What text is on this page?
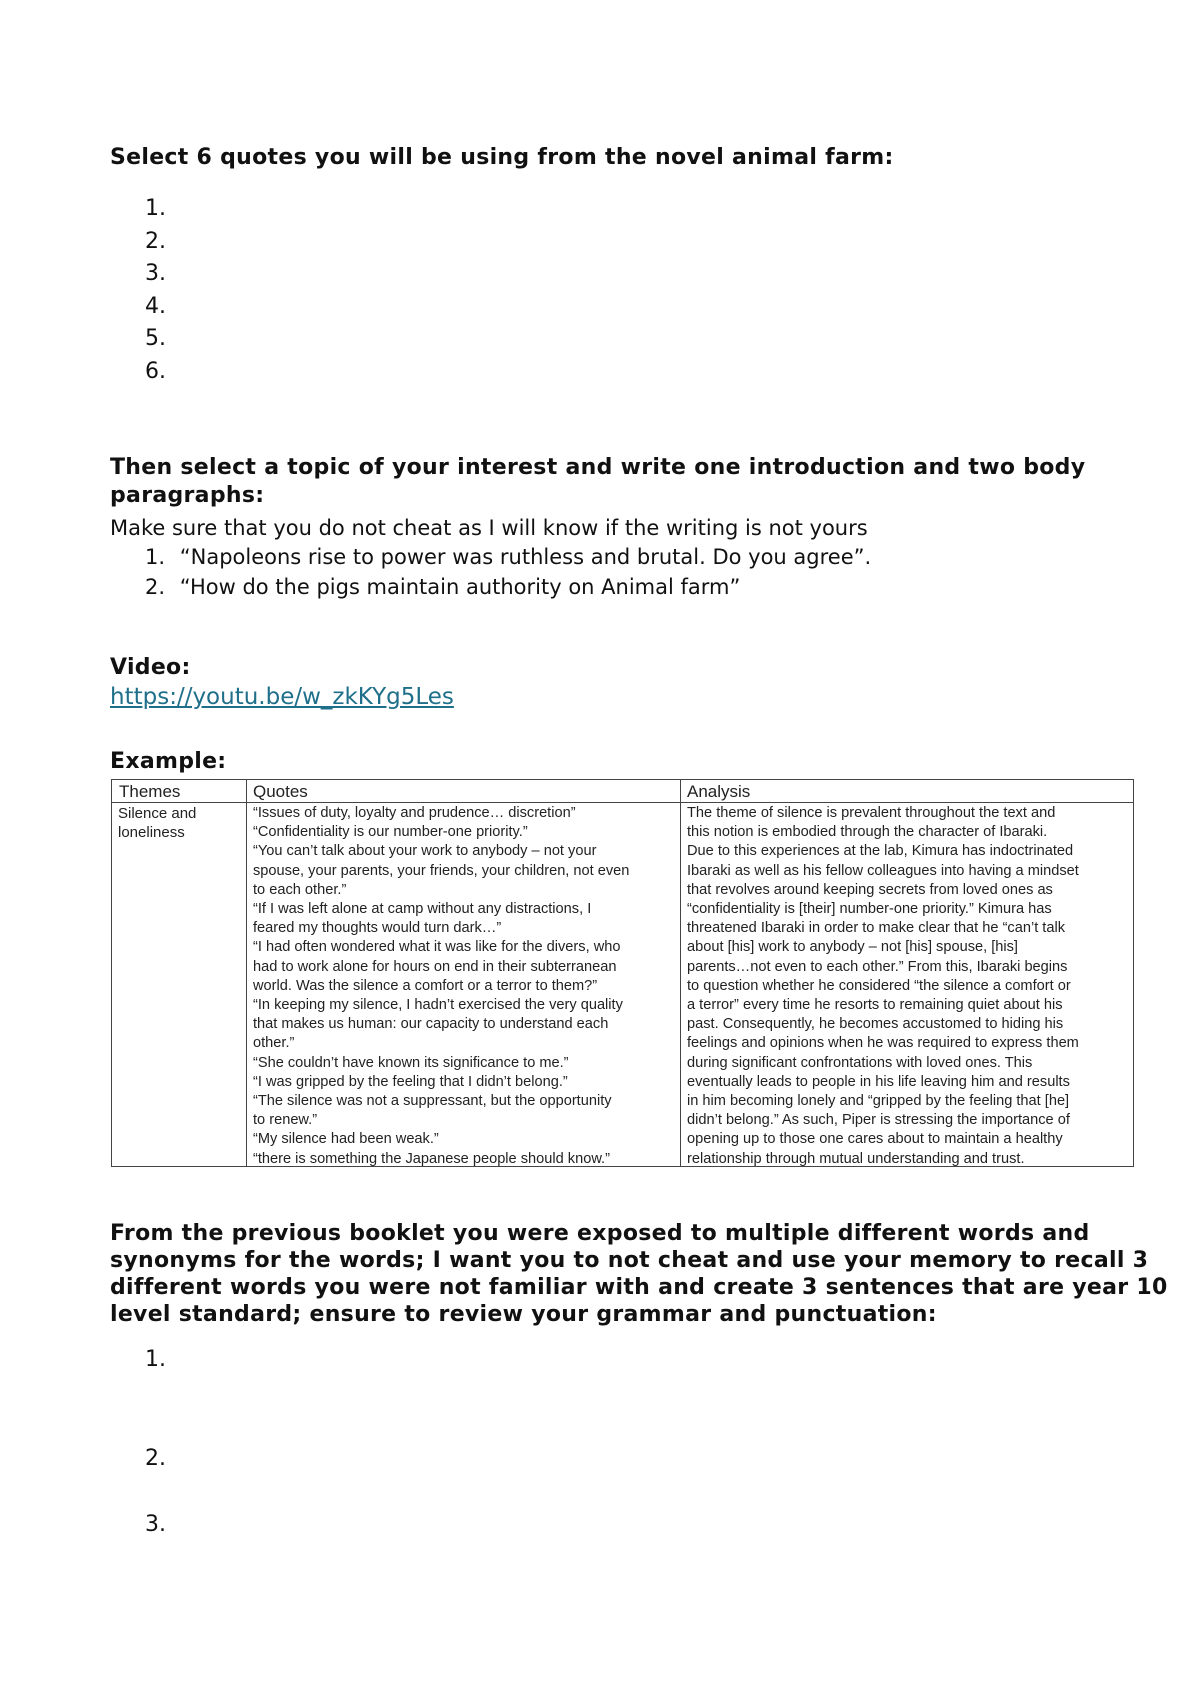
Select 6 quotes you will be using from the novel animal farm:

1.
2.
3.
4.
5.
6.

Then select a topic of your interest and write one introduction and two body
paragraphs:

Make sure that you do not cheat as I will know if the writing is not yours

1. “Napoleons rise to power was ruthless and brutal. Do you agree”.
2. “How do the pigs maintain authority on Animal farm”

Video:

https://youtu.be/w_zkKYg5Les

Example:

Themes	Quotes	Analysis
Silence and
loneliness
“Issues of duty, loyalty and prudence… discretion”
“Confidentiality is our number-one priority.”
“You can’t talk about your work to anybody – not your
spouse, your parents, your friends, your children, not even
to each other.”
“If I was left alone at camp without any distractions, I
feared my thoughts would turn dark…”
“I had often wondered what it was like for the divers, who
had to work alone for hours on end in their subterranean
world. Was the silence a comfort or a terror to them?”
“In keeping my silence, I hadn’t exercised the very quality
that makes us human: our capacity to understand each
other.”
“She couldn’t have known its significance to me.”
“I was gripped by the feeling that I didn’t belong.”
“The silence was not a suppressant, but the opportunity
to renew.”
“My silence had been weak.”
“there is something the Japanese people should know.”
The theme of silence is prevalent throughout the text and
this notion is embodied through the character of Ibaraki.
Due to this experiences at the lab, Kimura has indoctrinated
Ibaraki as well as his fellow colleagues into having a mindset
that revolves around keeping secrets from loved ones as
“confidentiality is [their] number-one priority.” Kimura has
threatened Ibaraki in order to make clear that he “can’t talk
about [his] work to anybody – not [his] spouse, [his]
parents…not even to each other.” From this, Ibaraki begins
to question whether he considered “the silence a comfort or
a terror” every time he resorts to remaining quiet about his
past. Consequently, he becomes accustomed to hiding his
feelings and opinions when he was required to express them
during significant confrontations with loved ones. This
eventually leads to people in his life leaving him and results
in him becoming lonely and “gripped by the feeling that [he]
didn’t belong.” As such, Piper is stressing the importance of
opening up to those one cares about to maintain a healthy
relationship through mutual understanding and trust.

From the previous booklet you were exposed to multiple different words and
synonyms for the words; I want you to not cheat and use your memory to recall 3
different words you were not familiar with and create 3 sentences that are year 10
level standard; ensure to review your grammar and punctuation:

1.
2.
3.
